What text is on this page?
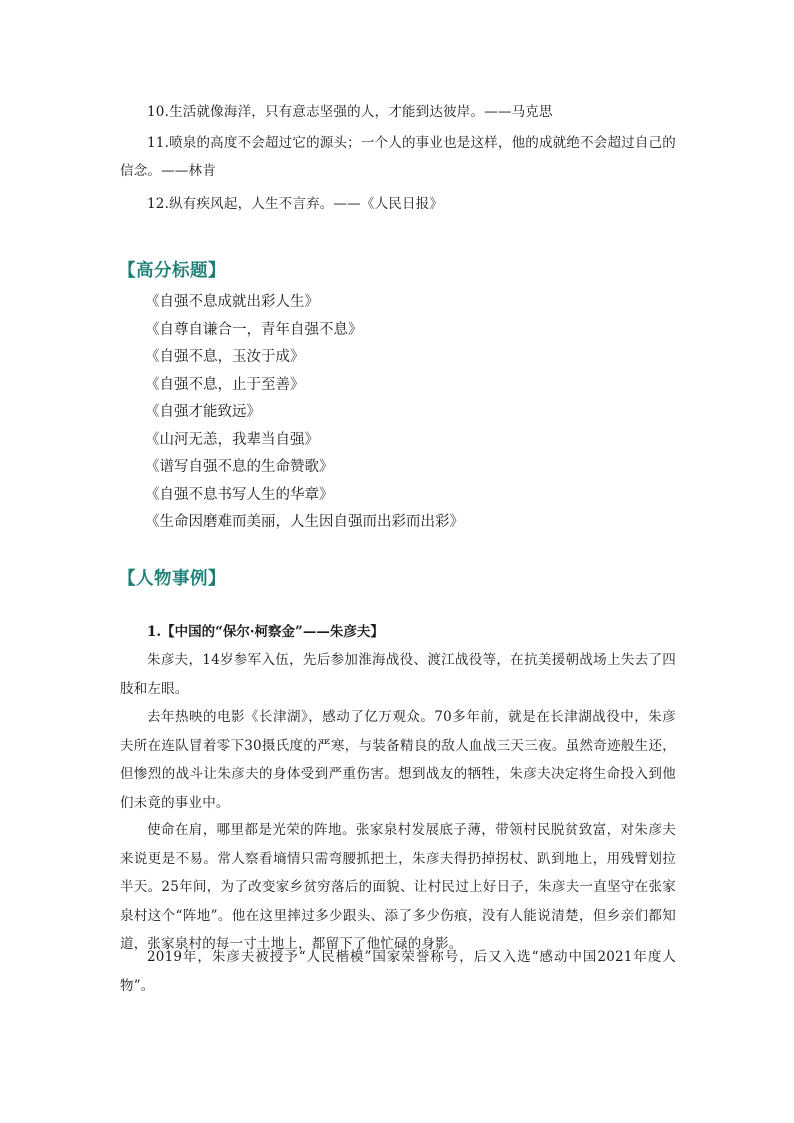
10.生活就像海洋，只有意志坚强的人，才能到达彼岸。——马克思
11.喷泉的高度不会超过它的源头；一个人的事业也是这样，他的成就绝不会超过自己的信念。——林肯
12.纵有疾风起，人生不言弃。——《人民日报》
【高分标题】
《自强不息成就出彩人生》
《自尊自谦合一，青年自强不息》
《自强不息，玉汝于成》
《自强不息，止于至善》
《自强才能致远》
《山河无恙，我辈当自强》
《谱写自强不息的生命赞歌》
《自强不息书写人生的华章》
《生命因磨难而美丽，人生因自强而出彩而出彩》
【人物事例】
1.【中国的“保尔·柯察金”——朱彦夫】

朱彦夫，14岁参军入伍，先后参加淮海战役、渡江战役等，在抗美援朝战场上失去了四肢和左眼。

去年热映的电影《长津湖》，感动了亿万观众。70多年前，就是在长津湖战役中，朱彦夫所在连队冒着零下30摄氏度的严寒，与装备精良的敌人血战三天三夜。虽然奇迹般生还，但惨烈的战斗让朱彦夫的身体受到严重伤害。想到战友的牺牲，朱彦夫决定将生命投入到他们未竟的事业中。

使命在肩，哪里都是光荣的阵地。张家泉村发展底子薄，带领村民脱贫致富，对朱彦夫来说更是不易。常人察看墒情只需弯腰抓把土，朱彦夫得扔掉拐杖、趴到地上，用残臂划拉半天。25年间，为了改变家乡贫穷落后的面貌、让村民过上好日子，朱彦夫一直坚守在张家泉村这个“阵地”。他在这里摔过多少跟头、添了多少伤痕，没有人能说清楚，但乡亲们都知道，张家泉村的每一寸土地上，都留下了他忙碌的身影。

2019年，朱彦夫被授予“人民楷模”国家荣誉称号，后又入选“感动中国2021年度人物”。
